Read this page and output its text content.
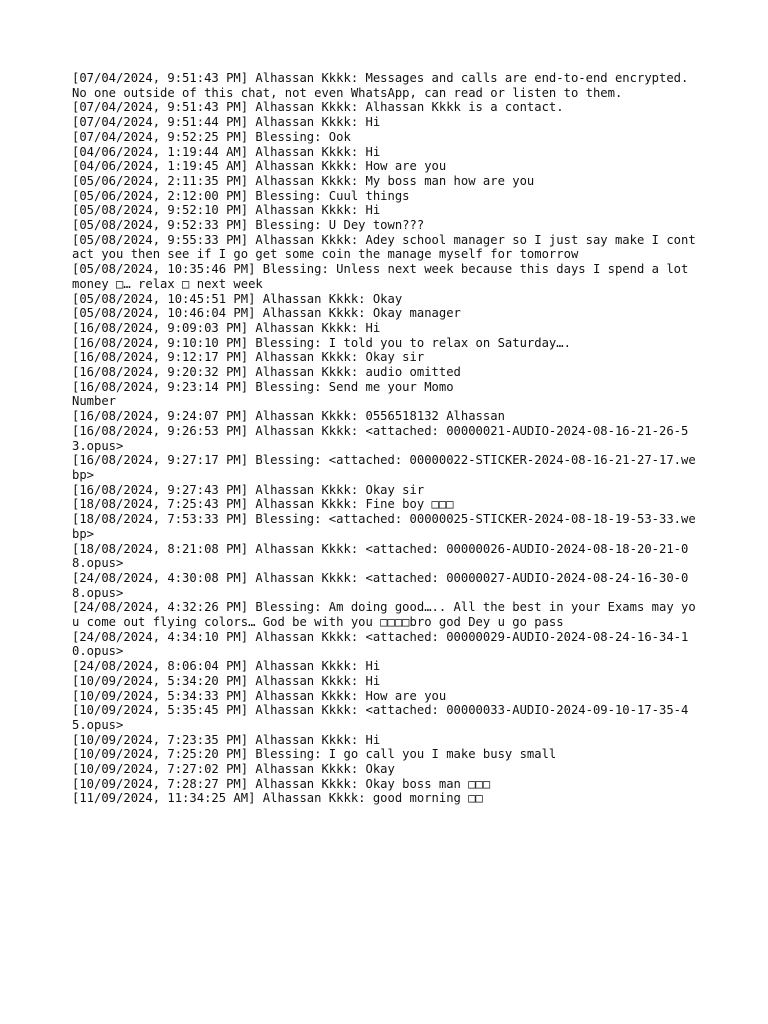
[07/04/2024, 9:51:43 PM] Alhassan Kkkk: Messages and calls are end-to-end encrypted. No one outside of this chat, not even WhatsApp, can read or listen to them.
[07/04/2024, 9:51:43 PM] Alhassan Kkkk: Alhassan Kkkk is a contact.
[07/04/2024, 9:51:44 PM] Alhassan Kkkk: Hi
[07/04/2024, 9:52:25 PM] Blessing: Ook
[04/06/2024, 1:19:44 AM] Alhassan Kkkk: Hi
[04/06/2024, 1:19:45 AM] Alhassan Kkkk: How are you
[05/06/2024, 2:11:35 PM] Alhassan Kkkk: My boss man how are you
[05/06/2024, 2:12:00 PM] Blessing: Cuul things
[05/08/2024, 9:52:10 PM] Alhassan Kkkk: Hi
[05/08/2024, 9:52:33 PM] Blessing: U Dey town???
[05/08/2024, 9:55:33 PM] Alhassan Kkkk: Adey school manager so I just say make I contact you then see if I go get some coin the manage myself for tomorrow
[05/08/2024, 10:35:46 PM] Blessing: Unless next week because this days I spend a lot money □… relax □ next week
[05/08/2024, 10:45:51 PM] Alhassan Kkkk: Okay
[05/08/2024, 10:46:04 PM] Alhassan Kkkk: Okay manager
[16/08/2024, 9:09:03 PM] Alhassan Kkkk: Hi
[16/08/2024, 9:10:10 PM] Blessing: I told you to relax on Saturday….
[16/08/2024, 9:12:17 PM] Alhassan Kkkk: Okay sir
[16/08/2024, 9:20:32 PM] Alhassan Kkkk: audio omitted
[16/08/2024, 9:23:14 PM] Blessing: Send me your Momo
Number
[16/08/2024, 9:24:07 PM] Alhassan Kkkk: 0556518132 Alhassan
[16/08/2024, 9:26:53 PM] Alhassan Kkkk: <attached: 00000021-AUDIO-2024-08-16-21-26-53.opus>
[16/08/2024, 9:27:17 PM] Blessing: <attached: 00000022-STICKER-2024-08-16-21-27-17.webp>
[16/08/2024, 9:27:43 PM] Alhassan Kkkk: Okay sir
[18/08/2024, 7:25:43 PM] Alhassan Kkkk: Fine boy □□□
[18/08/2024, 7:53:33 PM] Blessing: <attached: 00000025-STICKER-2024-08-18-19-53-33.webp>
[18/08/2024, 8:21:08 PM] Alhassan Kkkk: <attached: 00000026-AUDIO-2024-08-18-20-21-08.opus>
[24/08/2024, 4:30:08 PM] Alhassan Kkkk: <attached: 00000027-AUDIO-2024-08-24-16-30-08.opus>
[24/08/2024, 4:32:26 PM] Blessing: Am doing good….. All the best in your Exams may you come out flying colors… God be with you □□□□bro god Dey u go pass
[24/08/2024, 4:34:10 PM] Alhassan Kkkk: <attached: 00000029-AUDIO-2024-08-24-16-34-10.opus>
[24/08/2024, 8:06:04 PM] Alhassan Kkkk: Hi
[10/09/2024, 5:34:20 PM] Alhassan Kkkk: Hi
[10/09/2024, 5:34:33 PM] Alhassan Kkkk: How are you
[10/09/2024, 5:35:45 PM] Alhassan Kkkk: <attached: 00000033-AUDIO-2024-09-10-17-35-45.opus>
[10/09/2024, 7:23:35 PM] Alhassan Kkkk: Hi
[10/09/2024, 7:25:20 PM] Blessing: I go call you I make busy small
[10/09/2024, 7:27:02 PM] Alhassan Kkkk: Okay
[10/09/2024, 7:28:27 PM] Alhassan Kkkk: Okay boss man □□□
[11/09/2024, 11:34:25 AM] Alhassan Kkkk: good morning □□
